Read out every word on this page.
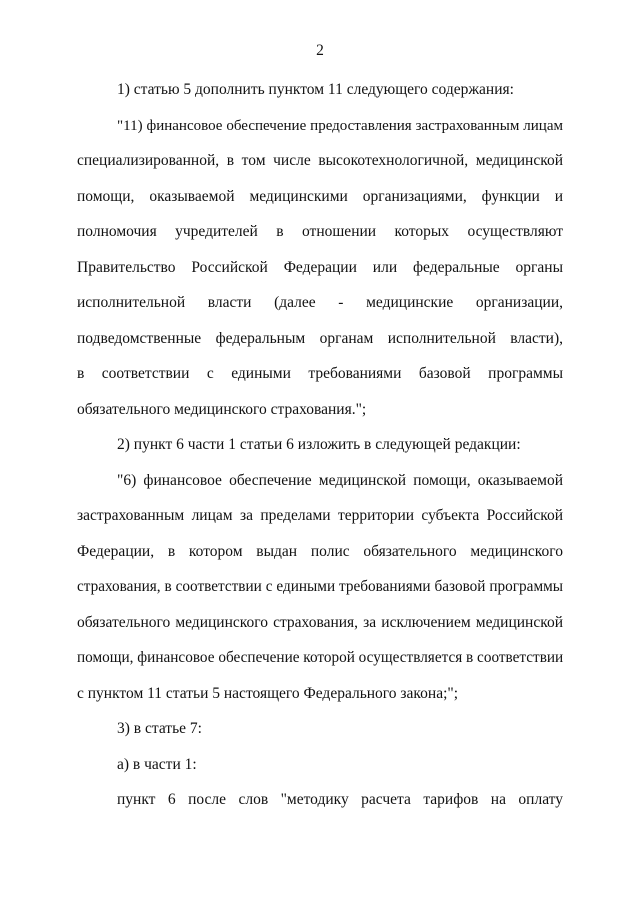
2
1) статью 5 дополнить пунктом 11 следующего содержания:
"11) финансовое обеспечение предоставления застрахованным лицам
специализированной, в том числе высокотехнологичной, медицинской
помощи, оказываемой медицинскими организациями, функции и
полномочия учредителей в отношении которых осуществляют
Правительство Российской Федерации или федеральные органы
исполнительной власти (далее - медицинские организации,
подведомственные федеральным органам исполнительной власти),
в соответствии с едиными требованиями базовой программы
обязательного медицинского страхования.";
2) пункт 6 части 1 статьи 6 изложить в следующей редакции:
"6) финансовое обеспечение медицинской помощи, оказываемой
застрахованным лицам за пределами территории субъекта Российской
Федерации, в котором выдан полис обязательного медицинского
страхования, в соответствии с едиными требованиями базовой программы
обязательного медицинского страхования, за исключением медицинской
помощи, финансовое обеспечение которой осуществляется в соответствии
с пунктом 11 статьи 5 настоящего Федерального закона;";
3) в статье 7:
а) в части 1:
пункт 6 после слов "методику расчета тарифов на оплату
